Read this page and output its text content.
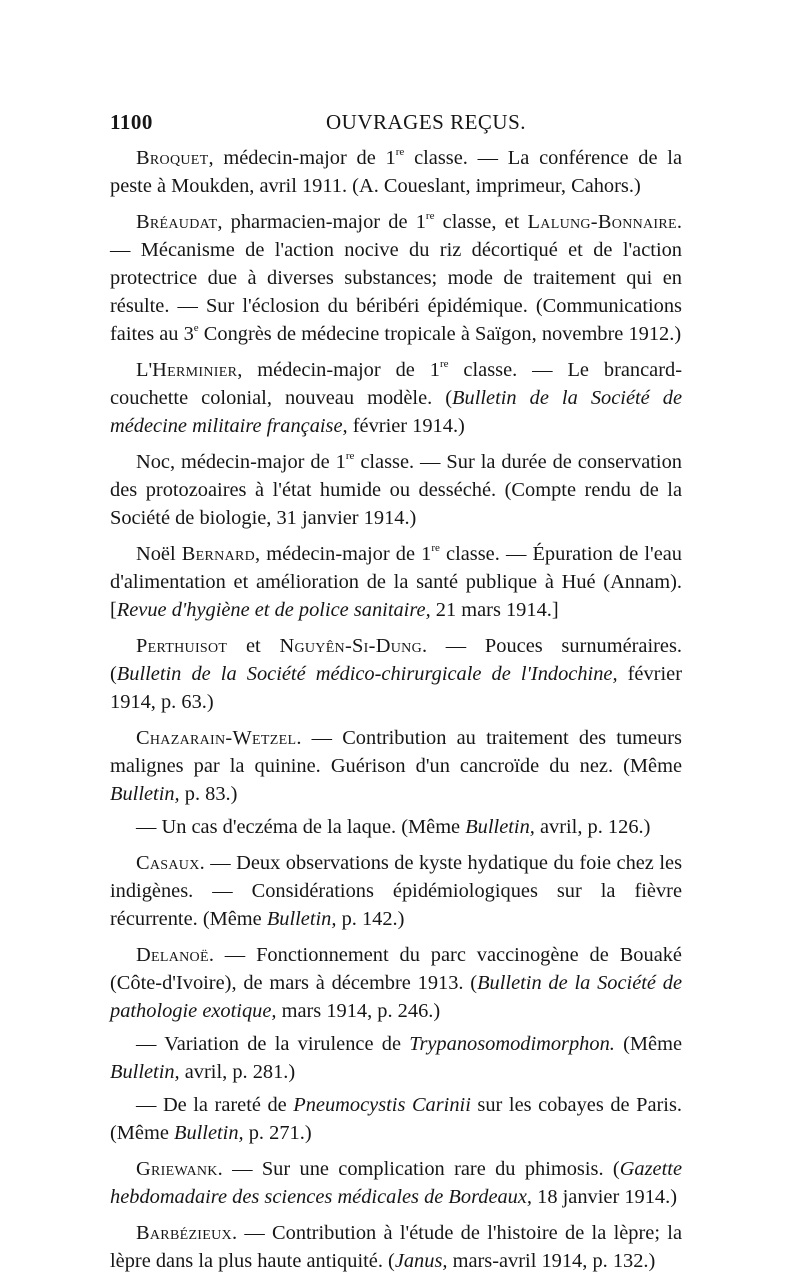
1100	OUVRAGES REÇUS.

Broquet, médecin-major de 1re classe. — La conférence de la peste à Moukden, avril 1911. (A. Coueslant, imprimeur, Cahors.)

Bréaudat, pharmacien-major de 1re classe, et Lalung-Bonnaire. — Mécanisme de l'action nocive du riz décortiqué et de l'action protectrice due à diverses substances; mode de traitement qui en résulte. — Sur l'éclosion du béribéri épidémique. (Communications faites au 3e Congrès de médecine tropicale à Saïgon, novembre 1912.)

L'Herminier, médecin-major de 1re classe. — Le brancard-couchette colonial, nouveau modèle. (Bulletin de la Société de médecine militaire française, février 1914.)

Noc, médecin-major de 1re classe. — Sur la durée de conservation des protozoaires à l'état humide ou desséché. (Compte rendu de la Société de biologie, 31 janvier 1914.)

Noël Bernard, médecin-major de 1re classe. — Épuration de l'eau d'alimentation et amélioration de la santé publique à Hué (Annam). [Revue d'hygiène et de police sanitaire, 21 mars 1914.]

Perthuisot et Nguyên-Si-Dung. — Pouces surnuméraires. (Bulletin de la Société médico-chirurgicale de l'Indochine, février 1914, p. 63.)

Chazarain-Wetzel. — Contribution au traitement des tumeurs malignes par la quinine. Guérison d'un cancroïde du nez. (Même Bulletin, p. 83.)

— Un cas d'eczéma de la laque. (Même Bulletin, avril, p. 126.)

Casaux. — Deux observations de kyste hydatique du foie chez les indigènes. — Considérations épidémiologiques sur la fièvre récurrente. (Même Bulletin, p. 142.)

Delanoë. — Fonctionnement du parc vaccinogène de Bouaké (Côte-d'Ivoire), de mars à décembre 1913. (Bulletin de la Société de pathologie exotique, mars 1914, p. 246.)

— Variation de la virulence de Trypanosomodimorphon. (Même Bulletin, avril, p. 281.)

— De la rareté de Pneumocystis Carinii sur les cobayes de Paris. (Même Bulletin, p. 271.)

Griewank. — Sur une complication rare du phimosis. (Gazette hebdomadaire des sciences médicales de Bordeaux, 18 janvier 1914.)

Barbézieux. — Contribution à l'étude de l'histoire de la lèpre; la lèpre dans la plus haute antiquité. (Janus, mars-avril 1914, p. 132.)
